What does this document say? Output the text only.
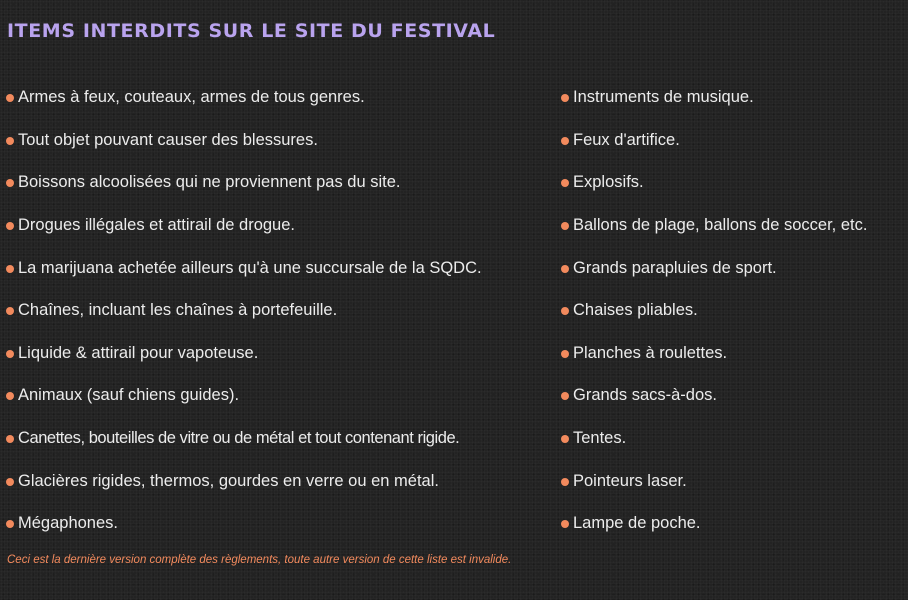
ITEMS INTERDITS SUR LE SITE DU FESTIVAL
Armes à feux, couteaux, armes de tous genres.
Tout objet pouvant causer des blessures.
Boissons alcoolisées qui ne proviennent pas du site.
Drogues illégales et attirail de drogue.
La marijuana achetée ailleurs qu'à une succursale de la SQDC.
Chaînes, incluant les chaînes à portefeuille.
Liquide & attirail pour vapoteuse.
Animaux (sauf chiens guides).
Canettes, bouteilles de vitre ou de métal et tout contenant rigide.
Glacières rigides, thermos, gourdes en verre ou en métal.
Mégaphones.
Instruments de musique.
Feux d'artifice.
Explosifs.
Ballons de plage, ballons de soccer, etc.
Grands parapluies de sport.
Chaises pliables.
Planches à roulettes.
Grands sacs-à-dos.
Tentes.
Pointeurs laser.
Lampe de poche.

Ceci est la dernière version complète des règlements, toute autre version de cette liste est invalide.
